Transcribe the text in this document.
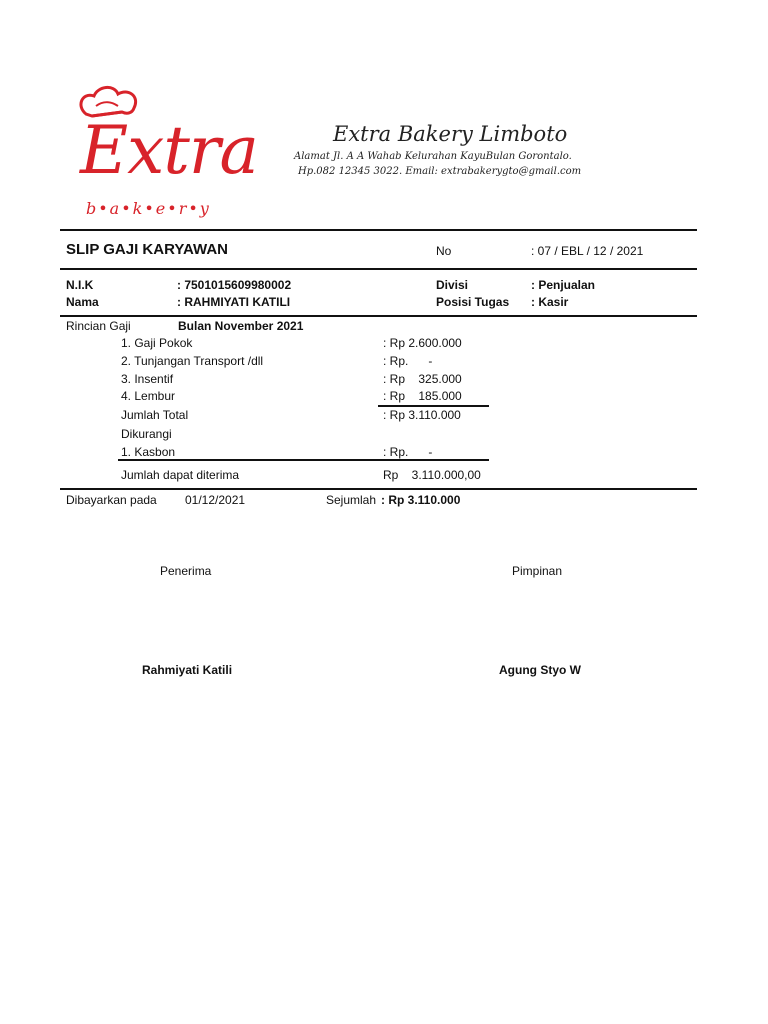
Extra
b•a•k•e•r•y
Extra Bakery Limboto
Alamat Jl. A A Wahab Kelurahan KayuBulan Gorontalo.
Hp.082 12345 3022. Email: extrabakerygto@gmail.com
SLIP GAJI KARYAWAN	No	: 07 / EBL / 12 / 2021
N.I.K	: 7501015609980002	Divisi	: Penjualan
Nama	: RAHMIYATI KATILI	Posisi Tugas : Kasir
Rincian Gaji	Bulan November 2021
1. Gaji Pokok	: Rp 2.600.000
2. Tunjangan Transport /dll	: Rp.      -
3. Insentif	: Rp    325.000
4. Lembur	: Rp    185.000
Jumlah Total	: Rp 3.110.000
Dikurangi
1. Kasbon	: Rp.      -
Jumlah dapat diterima	Rp    3.110.000,00
Dibayarkan pada 01/12/2021	Sejumlah : Rp 3.110.000
Penerima	Pimpinan
Rahmiyati Katili	Agung Styo W
